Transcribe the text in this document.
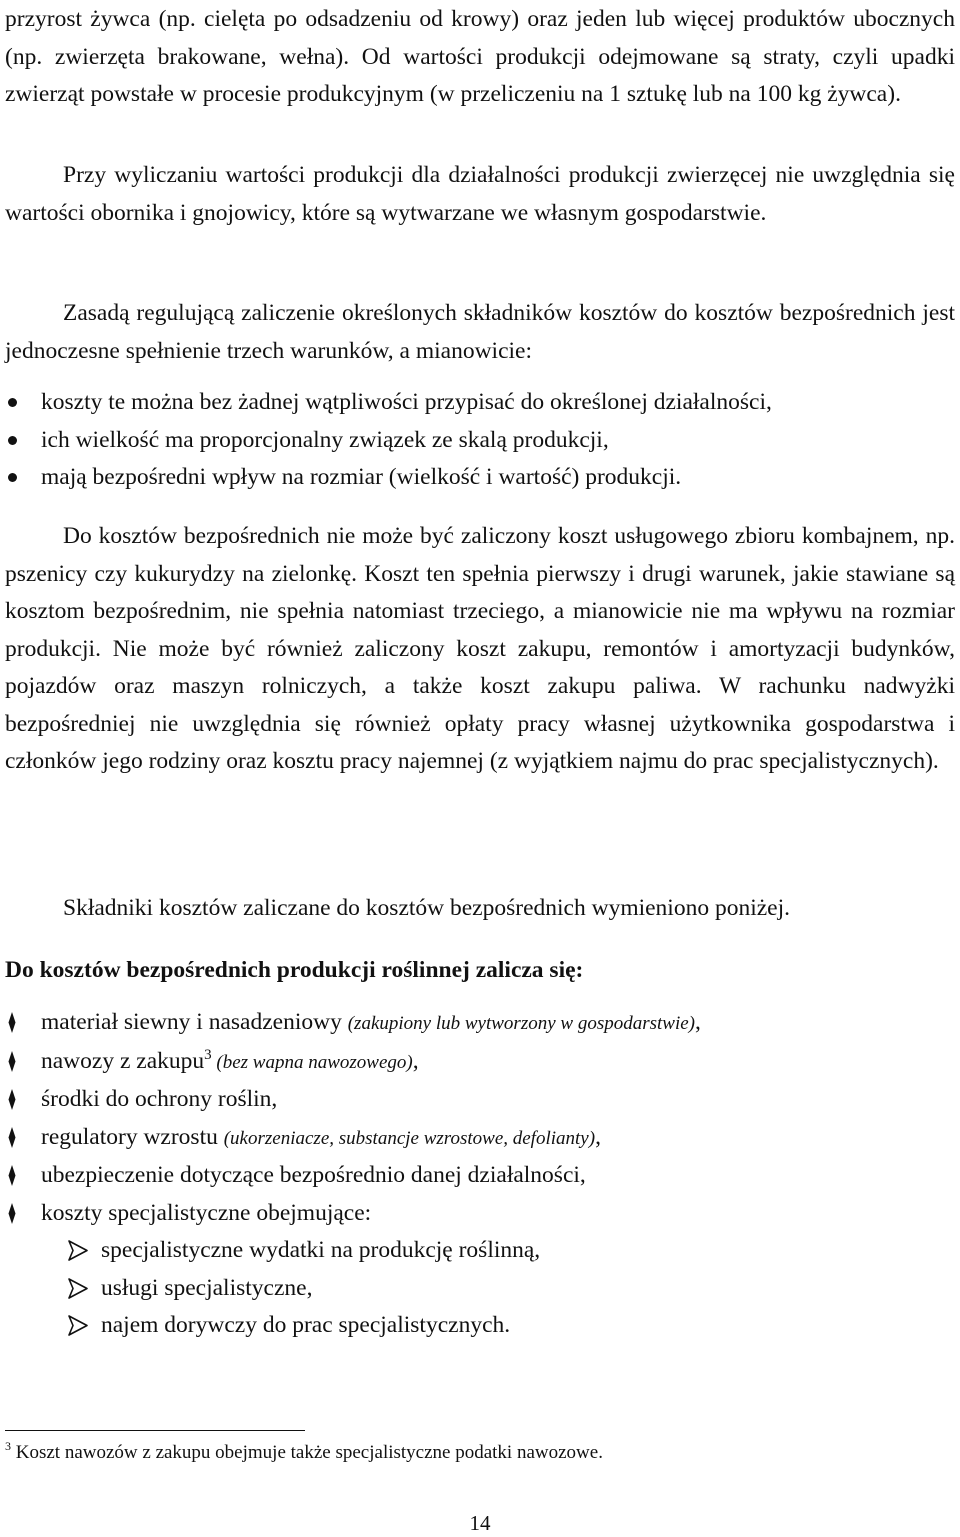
przyrost żywca (np. cielęta po odsadzeniu od krowy) oraz jeden lub więcej produktów ubocznych (np. zwierzęta brakowane, wełna). Od wartości produkcji odejmowane są straty, czyli upadki zwierząt powstałe w procesie produkcyjnym (w przeliczeniu na 1 sztukę lub na 100 kg żywca).

Przy wyliczaniu wartości produkcji dla działalności produkcji zwierzęcej nie uwzględnia się wartości obornika i gnojowicy, które są wytwarzane we własnym gospodarstwie.

Zasadą regulującą zaliczenie określonych składników kosztów do kosztów bezpośrednich jest jednoczesne spełnienie trzech warunków, a mianowicie:

koszty te można bez żadnej wątpliwości przypisać do określonej działalności,
ich wielkość ma proporcjonalny związek ze skalą produkcji,
mają bezpośredni wpływ na rozmiar (wielkość i wartość) produkcji.

Do kosztów bezpośrednich nie może być zaliczony koszt usługowego zbioru kombajnem, np. pszenicy czy kukurydzy na zielonkę. Koszt ten spełnia pierwszy i drugi warunek, jakie stawiane są kosztom bezpośrednim, nie spełnia natomiast trzeciego, a mianowicie nie ma wpływu na rozmiar produkcji. Nie może być również zaliczony koszt zakupu, remontów i amortyzacji budynków, pojazdów oraz maszyn rolniczych, a także koszt zakupu paliwa. W rachunku nadwyżki bezpośredniej nie uwzględnia się również opłaty pracy własnej użytkownika gospodarstwa i członków jego rodziny oraz kosztu pracy najemnej (z wyjątkiem najmu do prac specjalistycznych).

Składniki kosztów zaliczane do kosztów bezpośrednich wymieniono poniżej.

Do kosztów bezpośrednich produkcji roślinnej zalicza się:

materiał siewny i nasadzeniowy (zakupiony lub wytworzony w gospodarstwie),
nawozy z zakupu$^3$ (bez wapna nawozowego),
środki do ochrony roślin,
regulatory wzrostu (ukorzeniacze, substancje wzrostowe, defolianty),
ubezpieczenie dotyczące bezpośrednio danej działalności,
koszty specjalistyczne obejmujące:
specjalistyczne wydatki na produkcję roślinną,
usługi specjalistyczne,
najem dorywczy do prac specjalistycznych.

$^3$ Koszt nawozów z zakupu obejmuje także specjalistyczne podatki nawozowe.

14
